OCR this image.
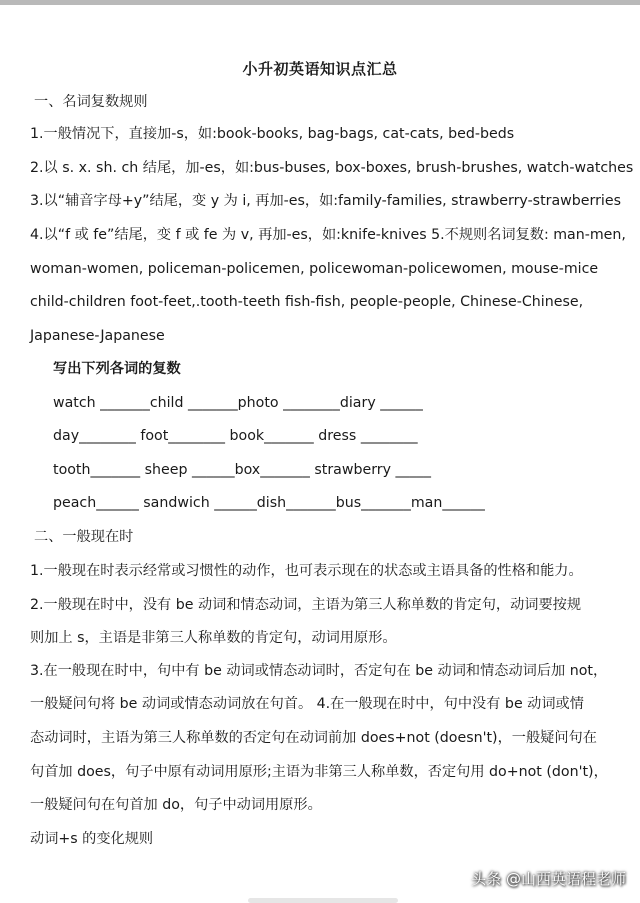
小升初英语知识点汇总
一、名词复数规则
1.一般情况下，直接加-s，如:book-books, bag-bags, cat-cats, bed-beds
2.以 s. x. sh. ch 结尾，加-es，如:bus-buses, box-boxes, brush-brushes, watch-watches
3.以“辅音字母+y”结尾，变 y 为 i, 再加-es，如:family-families, strawberry-strawberries
4.以“f 或 fe”结尾，变 f 或 fe 为 v, 再加-es，如:knife-knives 5.不规则名词复数: man-men,
woman-women, policeman-policemen, policewoman-policewomen, mouse-mice
child-children foot-feet,.tooth-teeth fish-fish, people-people, Chinese-Chinese,
Japanese-Japanese
写出下列各词的复数
watch _______child _______photo ________diary ______
day________ foot________ book_______ dress ________
tooth_______ sheep ______box_______ strawberry _____
peach______ sandwich ______dish_______bus_______man______
二、一般现在时
1.一般现在时表示经常或习惯性的动作，也可表示现在的状态或主语具备的性格和能力。
2.一般现在时中，没有 be 动词和情态动词，主语为第三人称单数的肯定句，动词要按规
则加上 s，主语是非第三人称单数的肯定句，动词用原形。
3.在一般现在时中，句中有 be 动词或情态动词时，否定句在 be 动词和情态动词后加 not，
一般疑问句将 be 动词或情态动词放在句首。 4.在一般现在时中，句中没有 be 动词或情
态动词时，主语为第三人称单数的否定句在动词前加 does+not (doesn't)，一般疑问句在
句首加 does，句子中原有动词用原形;主语为非第三人称单数，否定句用 do+not (don't)，
一般疑问句在句首加 do，句子中动词用原形。
动词+s 的变化规则
头条 @山西英语程老师
